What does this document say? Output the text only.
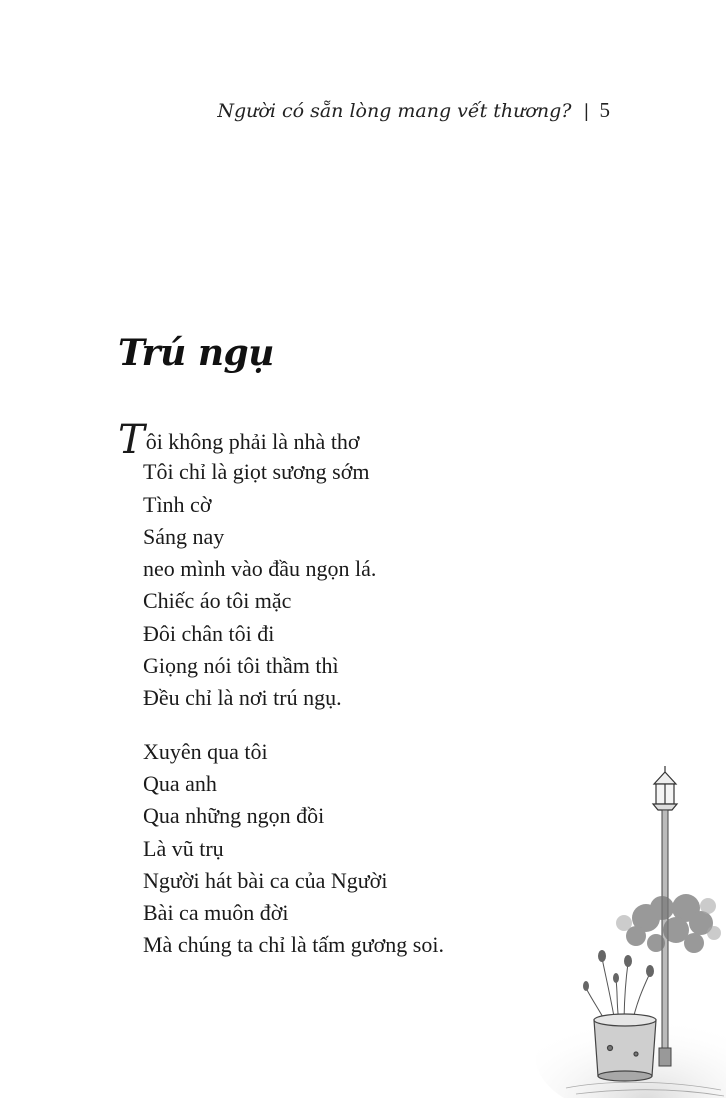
Người có sẵn lòng mang vết thương? | 5
Trú ngụ
Tôi không phải là nhà thơ
Tôi chỉ là giọt sương sớm
Tình cờ
Sáng nay
neo mình vào đầu ngọn lá.
Chiếc áo tôi mặc
Đôi chân tôi đi
Giọng nói tôi thầm thì
Đều chỉ là nơi trú ngụ.
Xuyên qua tôi
Qua anh
Qua những ngọn đồi
Là vũ trụ
Người hát bài ca của Người
Bài ca muôn đời
Mà chúng ta chỉ là tấm gương soi.
